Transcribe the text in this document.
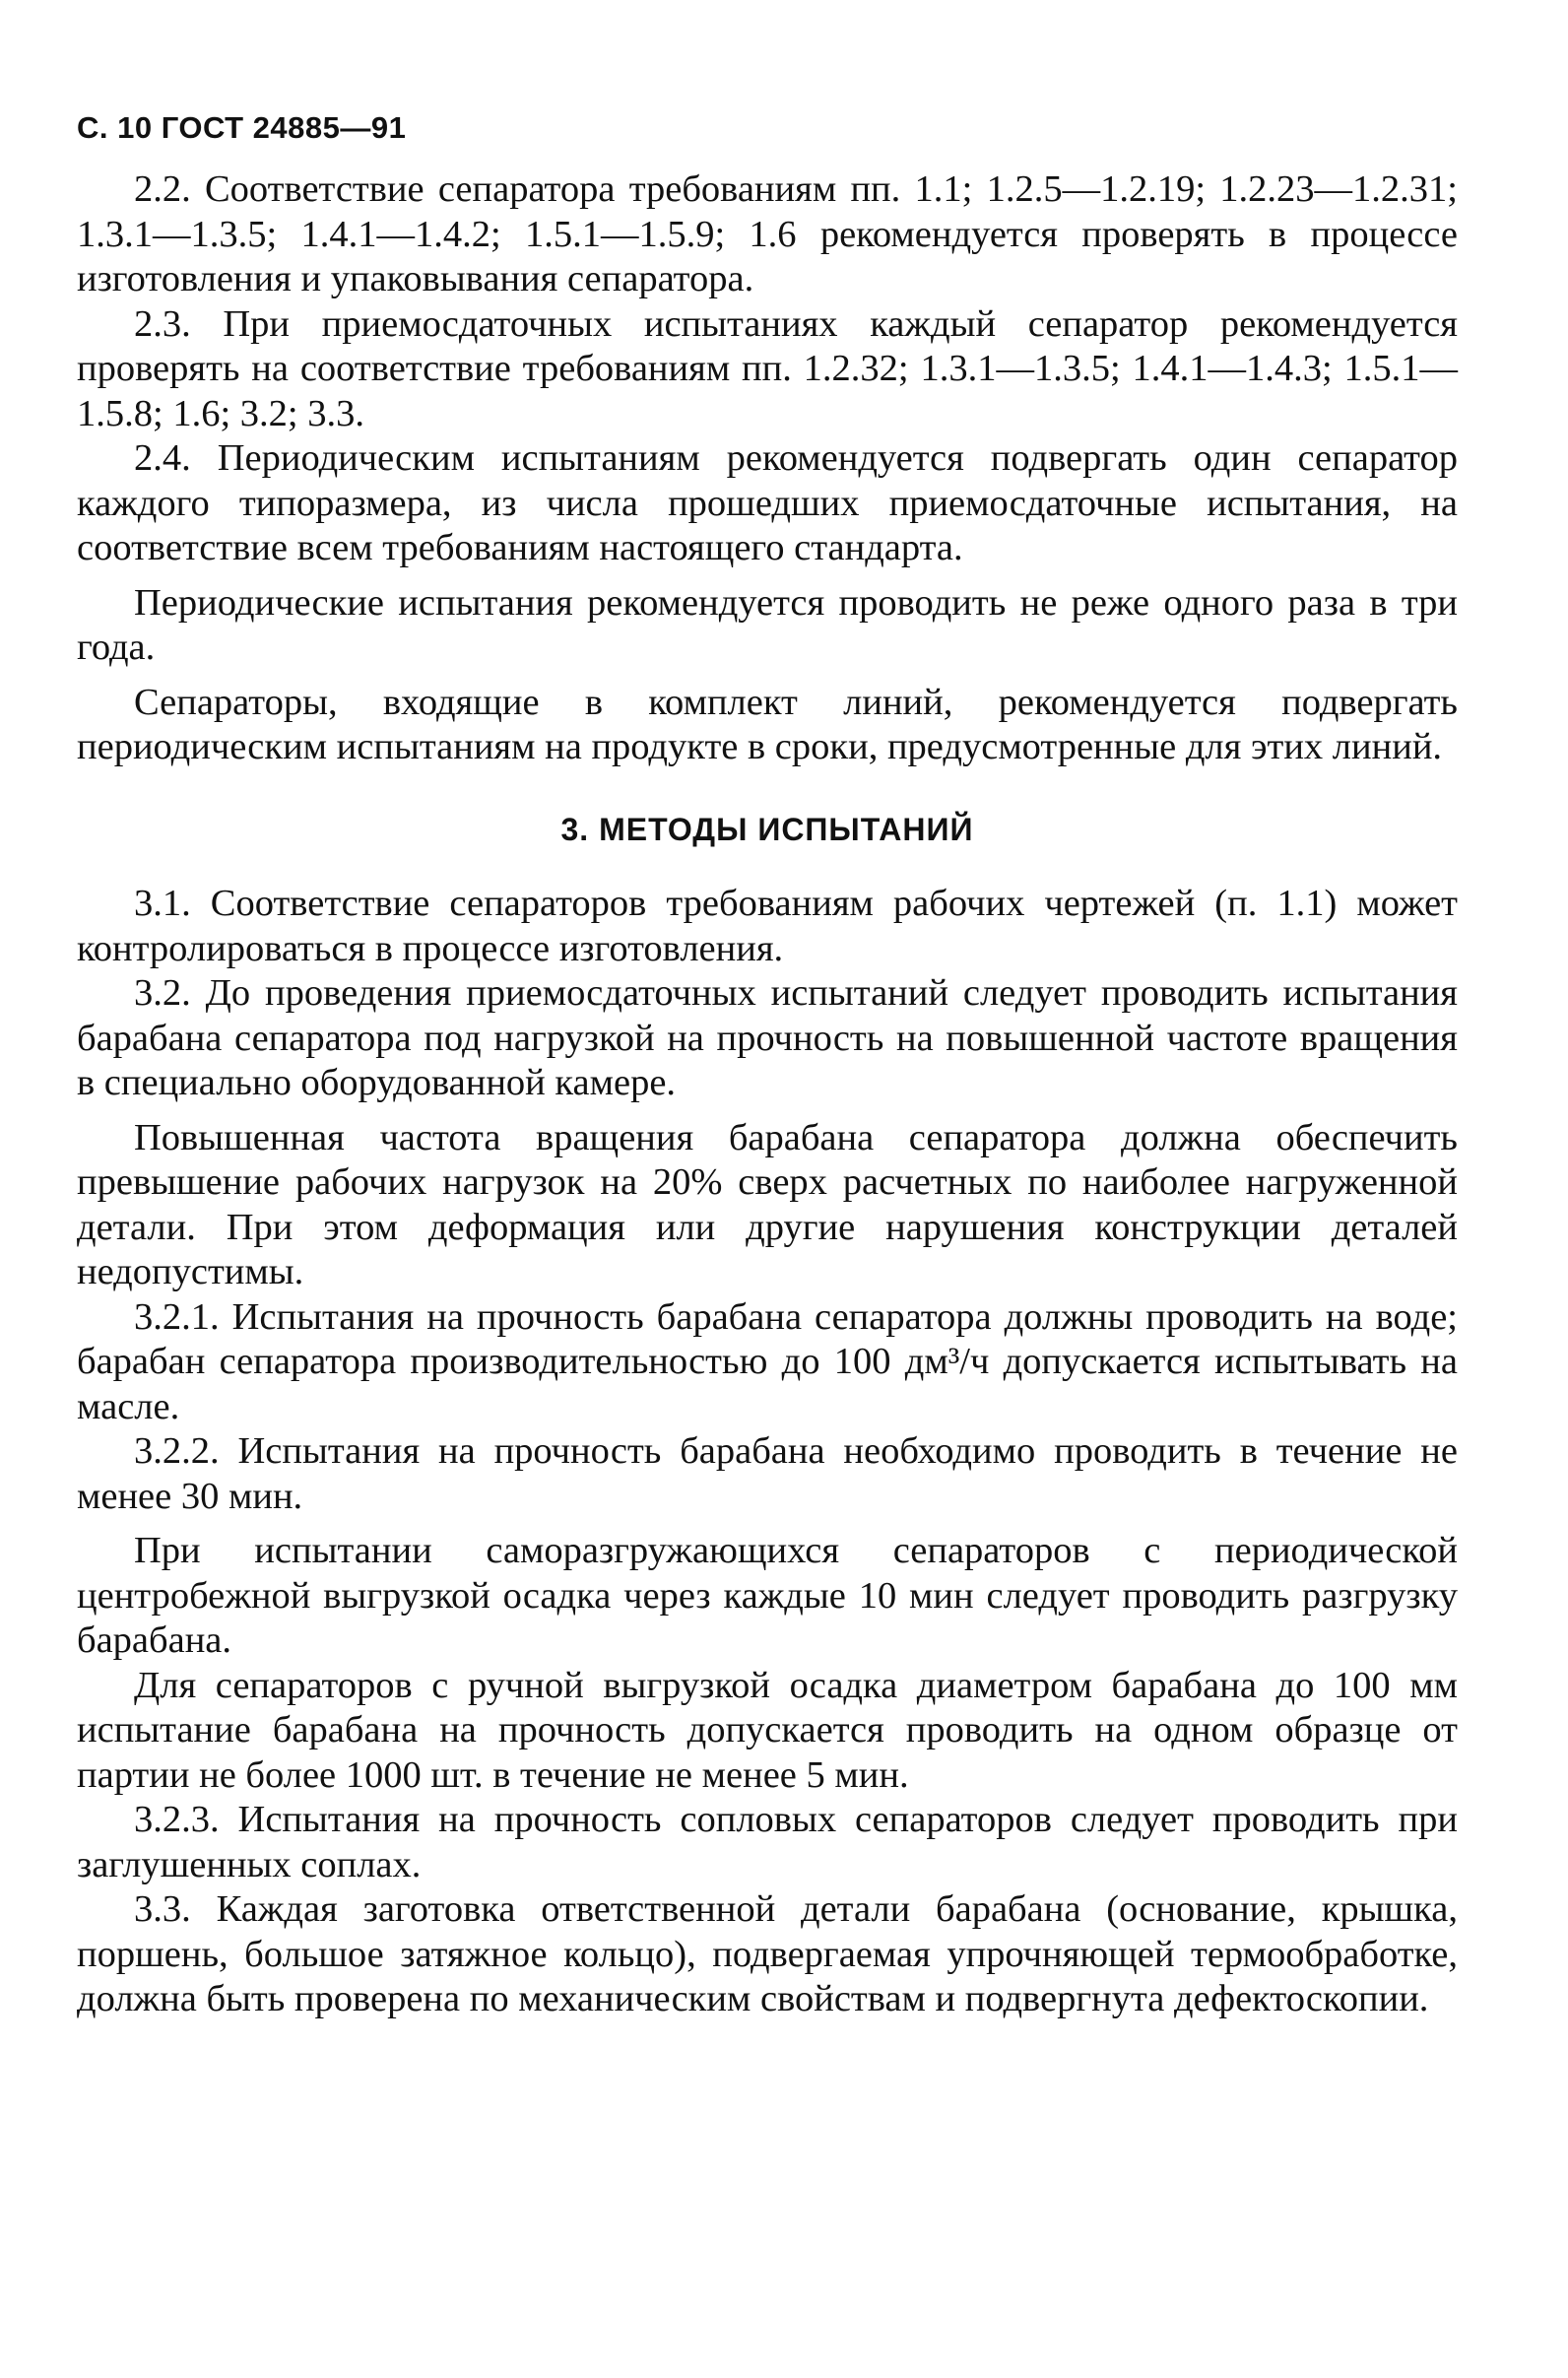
С. 10 ГОСТ 24885—91

2.2. Соответствие сепаратора требованиям пп. 1.1; 1.2.5—1.2.19; 1.2.23—1.2.31; 1.3.1—1.3.5; 1.4.1—1.4.2; 1.5.1—1.5.9; 1.6 рекомендуется проверять в процессе изготовления и упаковывания сепаратора.

2.3. При приемосдаточных испытаниях каждый сепаратор рекомендуется проверять на соответствие требованиям пп. 1.2.32; 1.3.1—1.3.5; 1.4.1—1.4.3; 1.5.1—1.5.8; 1.6; 3.2; 3.3.

2.4. Периодическим испытаниям рекомендуется подвергать один сепаратор каждого типоразмера, из числа прошедших приемосдаточные испытания, на соответствие всем требованиям настоящего стандарта.

Периодические испытания рекомендуется проводить не реже одного раза в три года.

Сепараторы, входящие в комплект линий, рекомендуется подвергать периодическим испытаниям на продукте в сроки, предусмотренные для этих линий.

3. МЕТОДЫ ИСПЫТАНИЙ

3.1. Соответствие сепараторов требованиям рабочих чертежей (п. 1.1) может контролироваться в процессе изготовления.

3.2. До проведения приемосдаточных испытаний следует проводить испытания барабана сепаратора под нагрузкой на прочность на повышенной частоте вращения в специально оборудованной камере.

Повышенная частота вращения барабана сепаратора должна обеспечить превышение рабочих нагрузок на 20% сверх расчетных по наиболее нагруженной детали. При этом деформация или другие нарушения конструкции деталей недопустимы.

3.2.1. Испытания на прочность барабана сепаратора должны проводить на воде; барабан сепаратора производительностью до 100 дм³/ч допускается испытывать на масле.

3.2.2. Испытания на прочность барабана необходимо проводить в течение не менее 30 мин.

При испытании саморазгружающихся сепараторов с периодической центробежной выгрузкой осадка через каждые 10 мин следует проводить разгрузку барабана.

Для сепараторов с ручной выгрузкой осадка диаметром барабана до 100 мм испытание барабана на прочность допускается проводить на одном образце от партии не более 1000 шт. в течение не менее 5 мин.

3.2.3. Испытания на прочность сопловых сепараторов следует проводить при заглушенных соплах.

3.3. Каждая заготовка ответственной детали барабана (основание, крышка, поршень, большое затяжное кольцо), подвергаемая упрочняющей термообработке, должна быть проверена по механическим свойствам и подвергнута дефектоскопии.
